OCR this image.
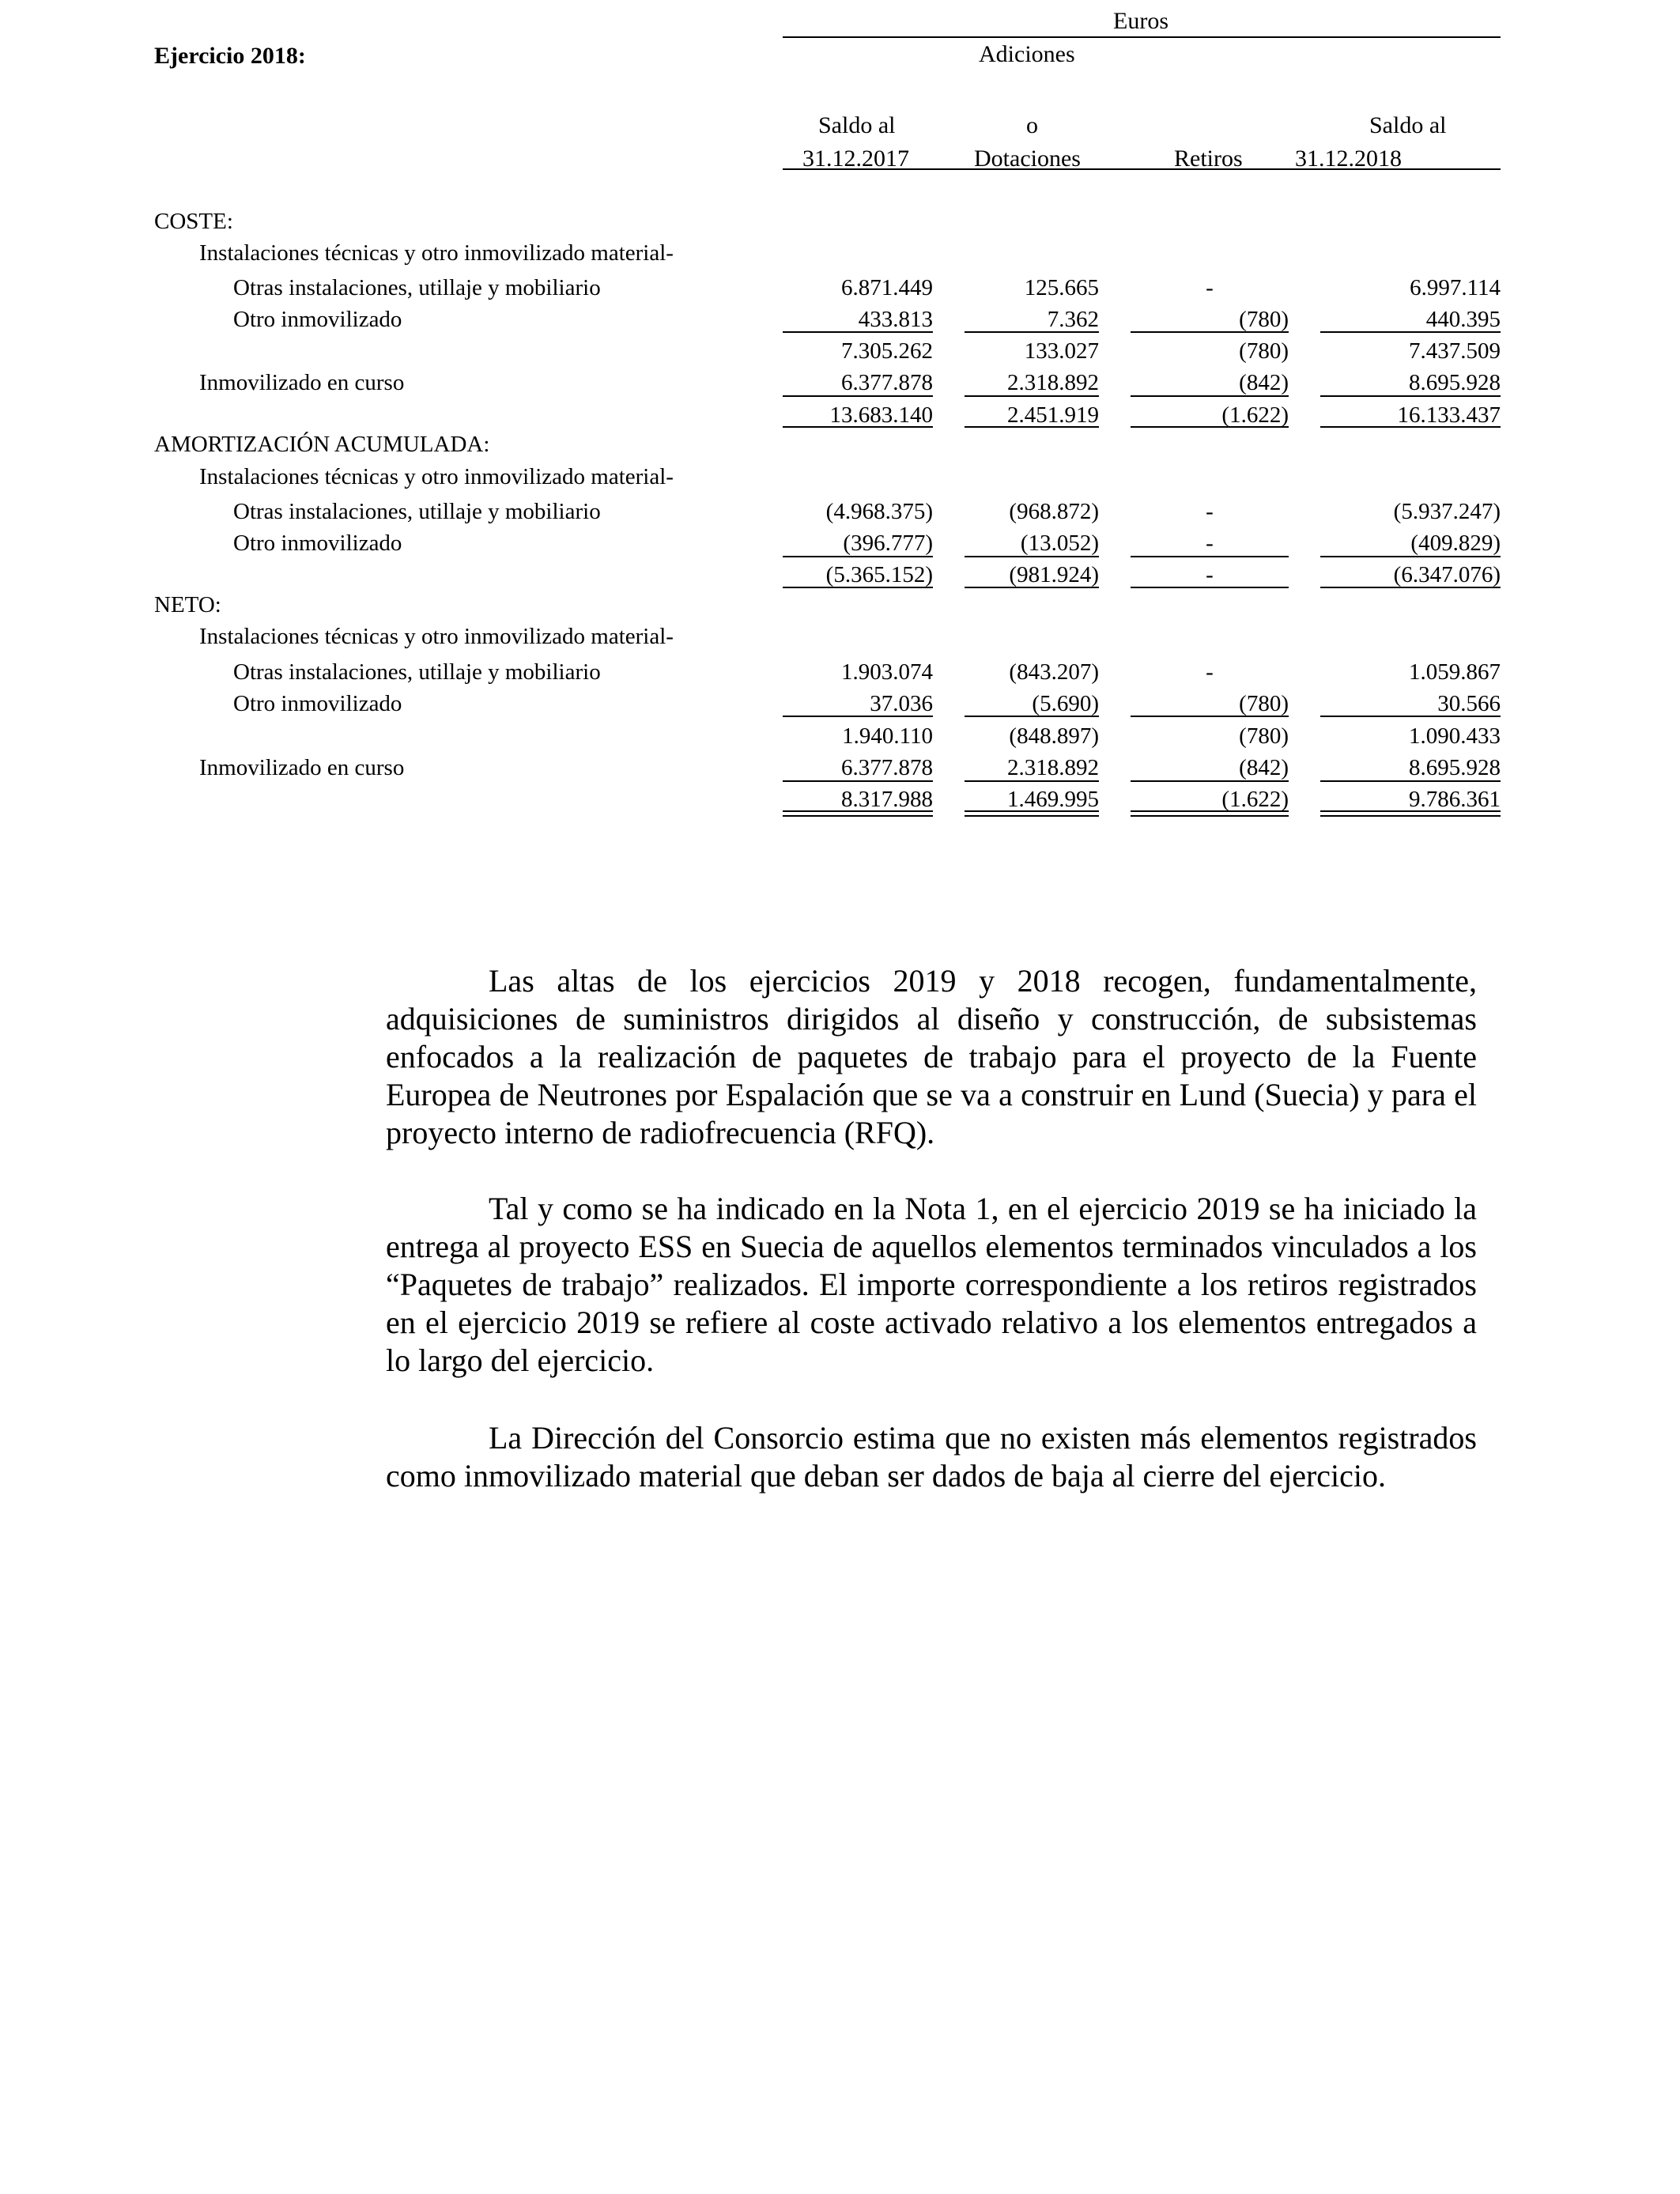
Euros
Ejercicio 2018:	Adiciones
Saldo al	o	Saldo al
31.12.2017	Dotaciones	Retiros 31.12.2018
COSTE:
Instalaciones técnicas y otro inmovilizado material-
Otras instalaciones, utillaje y mobiliario	6.871.449	125.665	-	6.997.114
Otro inmovilizado	433.813	7.362	(780)	440.395
7.305.262	133.027	(780)	7.437.509
Inmovilizado en curso	6.377.878	2.318.892	(842)	8.695.928
13.683.140	2.451.919	(1.622)	16.133.437
AMORTIZACIÓN ACUMULADA:
Instalaciones técnicas y otro inmovilizado material-
Otras instalaciones, utillaje y mobiliario	(4.968.375)	(968.872)	-	(5.937.247)
Otro inmovilizado	(396.777)	(13.052)	-	(409.829)
(5.365.152)	(981.924)	-	(6.347.076)
NETO:
Instalaciones técnicas y otro inmovilizado material-
Otras instalaciones, utillaje y mobiliario	1.903.074	(843.207)	-	1.059.867
Otro inmovilizado	37.036	(5.690)	(780)	30.566
1.940.110	(848.897)	(780)	1.090.433
Inmovilizado en curso	6.377.878	2.318.892	(842)	8.695.928
8.317.988	1.469.995	(1.622)	9.786.361
Las altas de los ejercicios 2019 y 2018 recogen, fundamentalmente, adquisiciones de suministros dirigidos al diseño y construcción, de subsistemas enfocados a la realización de paquetes de trabajo para el proyecto de la Fuente Europea de Neutrones por Espalación que se va a construir en Lund (Suecia) y para el proyecto interno de radiofrecuencia (RFQ).
Tal y como se ha indicado en la Nota 1, en el ejercicio 2019 se ha iniciado la entrega al proyecto ESS en Suecia de aquellos elementos terminados vinculados a los “Paquetes de trabajo” realizados. El importe correspondiente a los retiros registrados en el ejercicio 2019 se refiere al coste activado relativo a los elementos entregados a lo largo del ejercicio.
La Dirección del Consorcio estima que no existen más elementos registrados como inmovilizado material que deban ser dados de baja al cierre del ejercicio.
